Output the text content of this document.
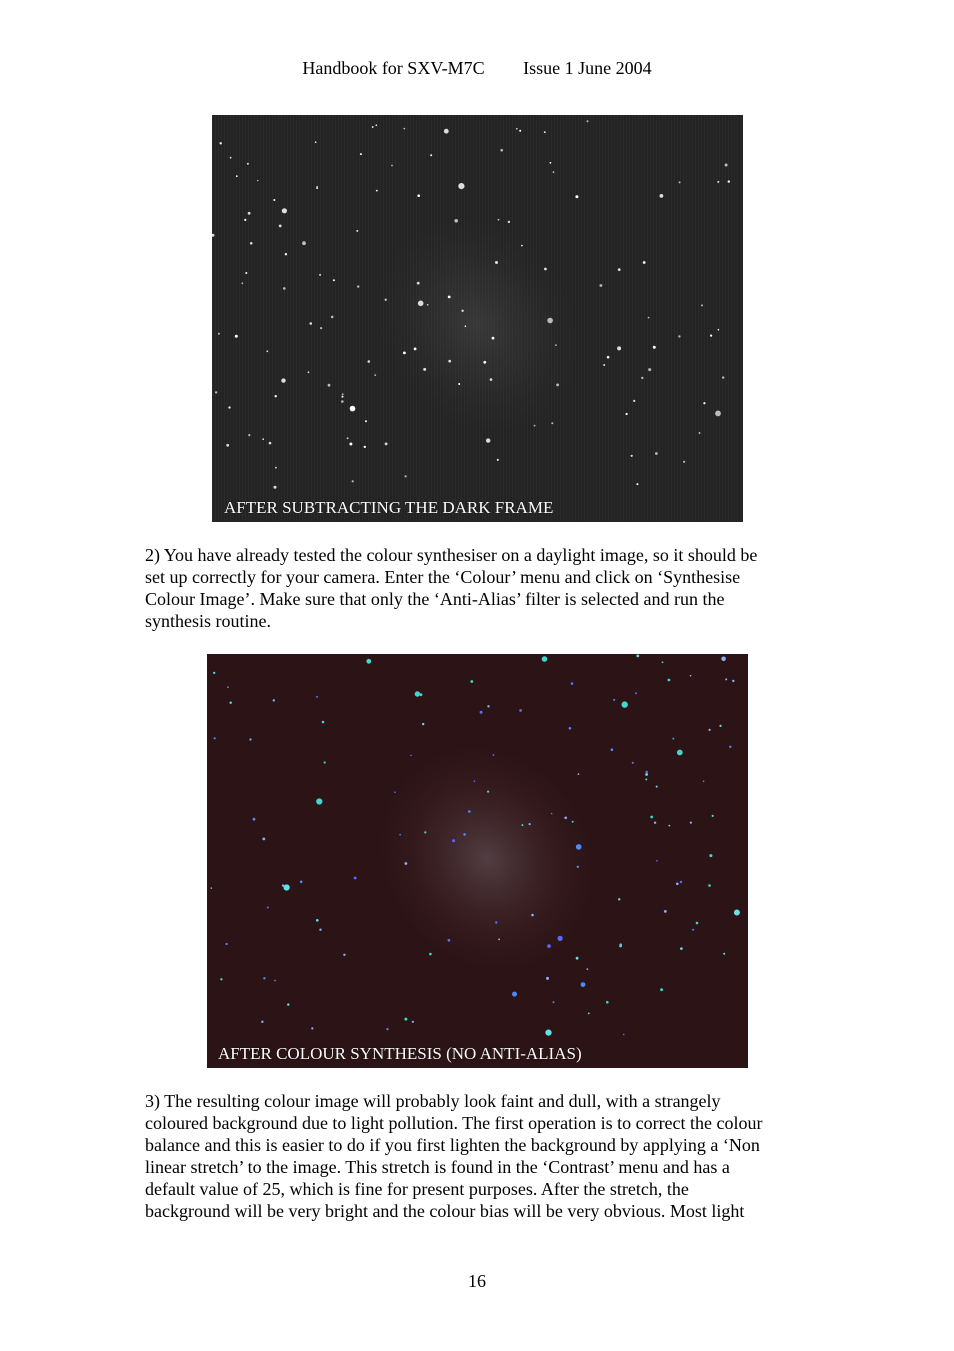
Handbook for SXV-M7C Issue 1 June 2004
AFTER SUBTRACTING THE DARK FRAME

2) You have already tested the colour synthesiser on a daylight image, so it should be
set up correctly for your camera. Enter the ‘Colour’ menu and click on ‘Synthesise
Colour Image’. Make sure that only the ‘Anti-Alias’ filter is selected and run the
synthesis routine.

AFTER COLOUR SYNTHESIS (NO ANTI-ALIAS)

3) The resulting colour image will probably look faint and dull, with a strangely
coloured background due to light pollution. The first operation is to correct the colour
balance and this is easier to do if you first lighten the background by applying a ‘Non
linear stretch’ to the image. This stretch is found in the ‘Contrast’ menu and has a
default value of 25, which is fine for present purposes. After the stretch, the
background will be very bright and the colour bias will be very obvious. Most light

16
